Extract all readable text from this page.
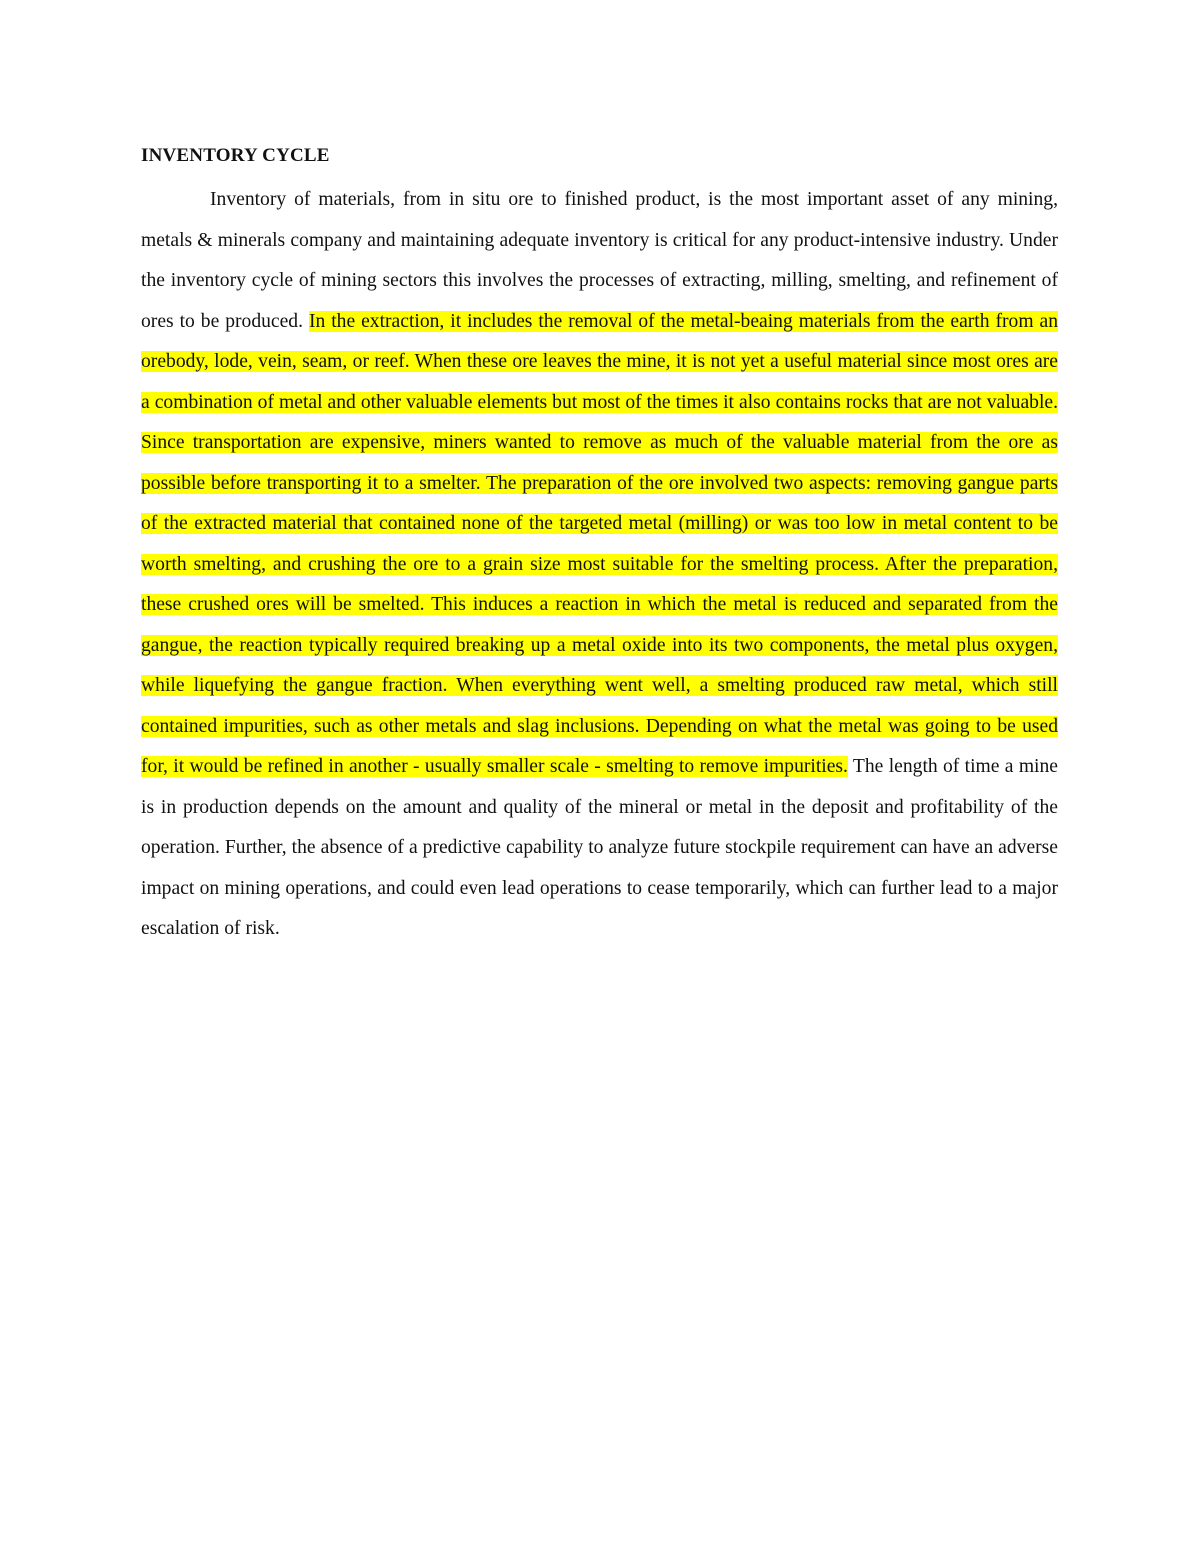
INVENTORY CYCLE

Inventory of materials, from in situ ore to finished product, is the most important asset of any mining, metals & minerals company and maintaining adequate inventory is critical for any product-intensive industry. Under the inventory cycle of mining sectors this involves the processes of extracting, milling, smelting, and refinement of ores to be produced. In the extraction, it includes the removal of the metal-beaing materials from the earth from an orebody, lode, vein, seam, or reef. When these ore leaves the mine, it is not yet a useful material since most ores are a combination of metal and other valuable elements but most of the times it also contains rocks that are not valuable. Since transportation are expensive, miners wanted to remove as much of the valuable material from the ore as possible before transporting it to a smelter. The preparation of the ore involved two aspects: removing gangue parts of the extracted material that contained none of the targeted metal (milling) or was too low in metal content to be worth smelting, and crushing the ore to a grain size most suitable for the smelting process. After the preparation, these crushed ores will be smelted. This induces a reaction in which the metal is reduced and separated from the gangue, the reaction typically required breaking up a metal oxide into its two components, the metal plus oxygen, while liquefying the gangue fraction. When everything went well, a smelting produced raw metal, which still contained impurities, such as other metals and slag inclusions. Depending on what the metal was going to be used for, it would be refined in another - usually smaller scale - smelting to remove impurities. The length of time a mine is in production depends on the amount and quality of the mineral or metal in the deposit and profitability of the operation. Further, the absence of a predictive capability to analyze future stockpile requirement can have an adverse impact on mining operations, and could even lead operations to cease temporarily, which can further lead to a major escalation of risk.
